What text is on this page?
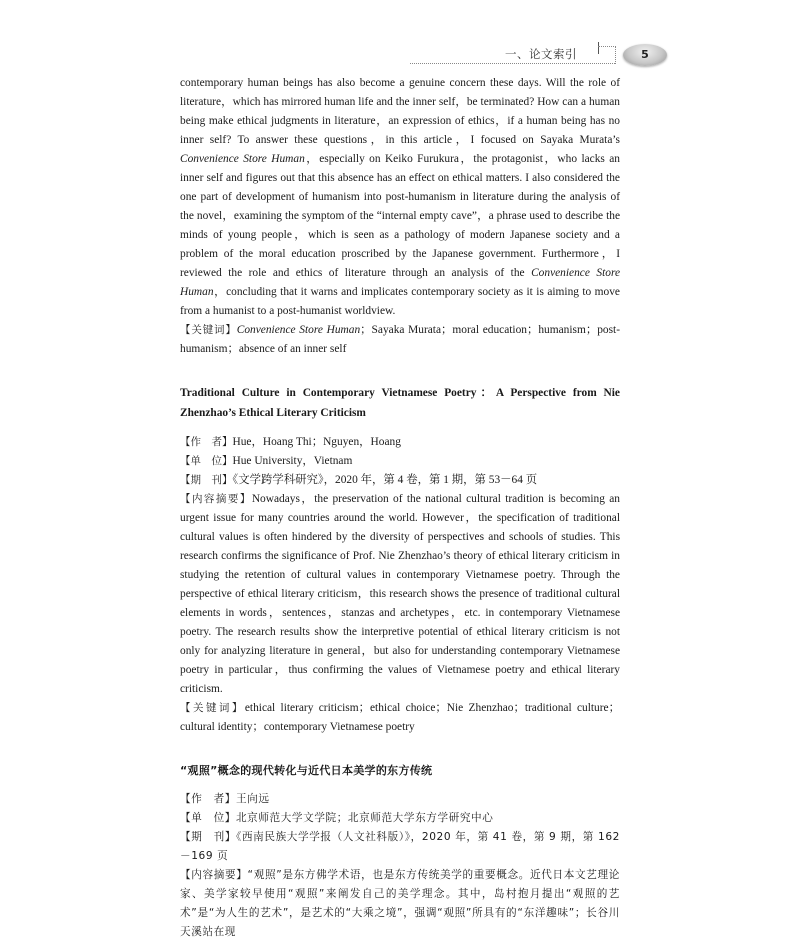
一、论文索引	5

contemporary human beings has also become a genuine concern these days. Will the role of literature，which has mirrored human life and the inner self，be terminated? How can a human being make ethical judgments in literature，an expression of ethics，if a human being has no inner self? To answer these questions，in this article，I focused on Sayaka Murata’s Convenience Store Human，especially on Keiko Furukura，the protagonist，who lacks an inner self and figures out that this absence has an effect on ethical matters. I also considered the one part of development of humanism into post-humanism in literature during the analysis of the novel，examining the symptom of the “internal empty cave”，a phrase used to describe the minds of young people，which is seen as a pathology of modern Japanese society and a problem of the moral education proscribed by the Japanese government. Furthermore，I reviewed the role and ethics of literature through an analysis of the Convenience Store Human，concluding that it warns and implicates contemporary society as it is aiming to move from a humanist to a post-humanist worldview.

【关键词】Convenience Store Human；Sayaka Murata；moral education；humanism；post-humanism；absence of an inner self

Traditional Culture in Contemporary Vietnamese Poetry：A Perspective from Nie Zhenzhao’s Ethical Literary Criticism

【作　者】Hue，Hoang Thi；Nguyen，Hoang

【单　位】Hue University，Vietnam

【期　刊】《文学跨学科研究》，2020 年，第 4 卷，第 1 期，第 53－64 页

【内容摘要】Nowadays，the preservation of the national cultural tradition is becoming an urgent issue for many countries around the world. However，the specification of traditional cultural values is often hindered by the diversity of perspectives and schools of studies. This research confirms the significance of Prof. Nie Zhenzhao’s theory of ethical literary criticism in studying the retention of cultural values in contemporary Vietnamese poetry. Through the perspective of ethical literary criticism，this research shows the presence of traditional cultural elements in words，sentences，stanzas and archetypes，etc. in contemporary Vietnamese poetry. The research results show the interpretive potential of ethical literary criticism is not only for analyzing literature in general，but also for understanding contemporary Vietnamese poetry in particular，thus confirming the values of Vietnamese poetry and ethical literary criticism.

【关键词】ethical literary criticism；ethical choice；Nie Zhenzhao；traditional culture；cultural identity；contemporary Vietnamese poetry

“观照”概念的现代转化与近代日本美学的东方传统

【作　者】王向远

【单　位】北京师范大学文学院；北京师范大学东方学研究中心

【期　刊】《西南民族大学学报（人文社科版）》，2020 年，第 41 卷，第 9 期，第 162－169 页

【内容摘要】“观照”是东方佛学术语，也是东方传统美学的重要概念。近代日本文艺理论家、美学家较早使用“观照”来阐发自己的美学理念。其中，岛村抱月提出“观照的艺术”是“为人生的艺术”，是艺术的“大乘之境”，强调“观照”所具有的“东洋趣味”；长谷川天溪站在现
